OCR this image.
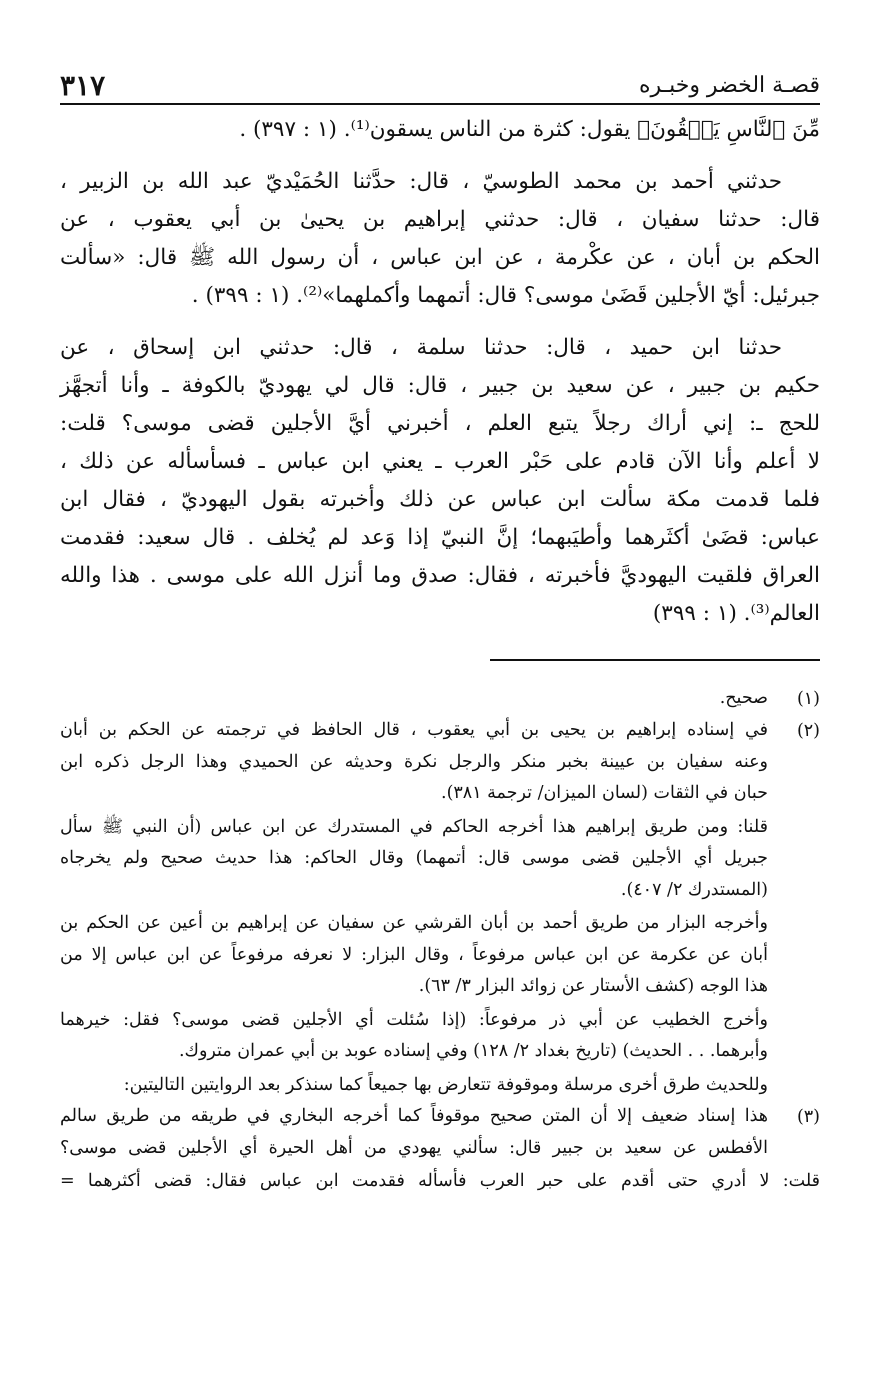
قصـة الخضر وخبـره
٣١٧
مِّنَ ٱلنَّاسِ يَسۡقُونَ﴾ يقول: كثرة من الناس يسقون⁽¹⁾. (١ : ٣٩٧) .
حدثني أحمد بن محمد الطوسيّ ، قال: حدَّثنا الحُمَيْديّ عبد الله بن الزبير ،
قال: حدثنا سفيان ، قال: حدثني إبراهيم بن يحيىٰ بن أبي يعقوب ، عن
الحكم بن أبان ، عن عكْرمة ، عن ابن عباس ، أن رسول الله ﷺ قال: «سألت
جبرئيل: أيّ الأجلين قَضَىٰ موسى؟ قال: أتمهما وأكملهما»⁽²⁾. (١ : ٣٩٩) .
حدثنا ابن حميد ، قال: حدثنا سلمة ، قال: حدثني ابن إسحاق ، عن
حكيم بن جبير ، عن سعيد بن جبير ، قال: قال لي يهوديّ بالكوفة ـ وأنا أتجهَّز
للحج ـ: إني أراك رجلاً يتبع العلم ، أخبرني أيَّ الأجلين قضى موسى؟ قلت:
لا أعلم وأنا الآن قادم على حَبْر العرب ـ يعني ابن عباس ـ فسأسأله عن ذلك ،
فلما قدمت مكة سألت ابن عباس عن ذلك وأخبرته بقول اليهوديّ ، فقال ابن
عباس: قضَىٰ أكثَرهما وأطيَبهما؛ إنَّ النبيّ إذا وَعد لم يُخلف . قال سعيد: فقدمت
العراق فلقيت اليهوديَّ فأخبرته ، فقال: صدق وما أنزل الله على موسى . هذا والله
العالم⁽³⁾. (١ : ٣٩٩)
(١)
صحيح.
(٢)
في إسناده إبراهيم بن يحيى بن أبي يعقوب ، قال الحافظ في ترجمته عن الحكم بن أبان
وعنه سفيان بن عيينة بخبر منكر والرجل نكرة وحديثه عن الحميدي وهذا الرجل ذكره ابن
حبان في الثقات (لسان الميزان/ ترجمة ٣٨١).
قلنا: ومن طريق إبراهيم هذا أخرجه الحاكم في المستدرك عن ابن عباس (أن النبي ﷺ سأل
جبريل أي الأجلين قضى موسى قال: أتمهما) وقال الحاكم: هذا حديث صحيح ولم يخرجاه
(المستدرك ٢/ ٤٠٧).
وأخرجه البزار من طريق أحمد بن أبان القرشي عن سفيان عن إبراهيم بن أعين عن الحكم بن
أبان عن عكرمة عن ابن عباس مرفوعاً ، وقال البزار: لا نعرفه مرفوعاً عن ابن عباس إلا من
هذا الوجه (كشف الأستار عن زوائد البزار ٣/ ٦٣).
وأخرج الخطيب عن أبي ذر مرفوعاً: (إذا سُئلت أي الأجلين قضى موسى؟ فقل: خيرهما
وأبرهما. . . الحديث) (تاريخ بغداد ٢/ ١٢٨) وفي إسناده عوبد بن أبي عمران متروك.
وللحديث طرق أخرى مرسلة وموقوفة تتعارض بها جميعاً كما سنذكر بعد الروايتين التاليتين:
(٣)
هذا إسناد ضعيف إلا أن المتن صحيح موقوفاً كما أخرجه البخاري في طريقه من طريق سالم
الأفطس عن سعيد بن جبير قال: سألني يهودي من أهل الحيرة أي الأجلين قضى موسى؟
قلت: لا أدري حتى أقدم على حبر العرب فأسأله فقدمت ابن عباس فقال: قضى أكثرهما =
